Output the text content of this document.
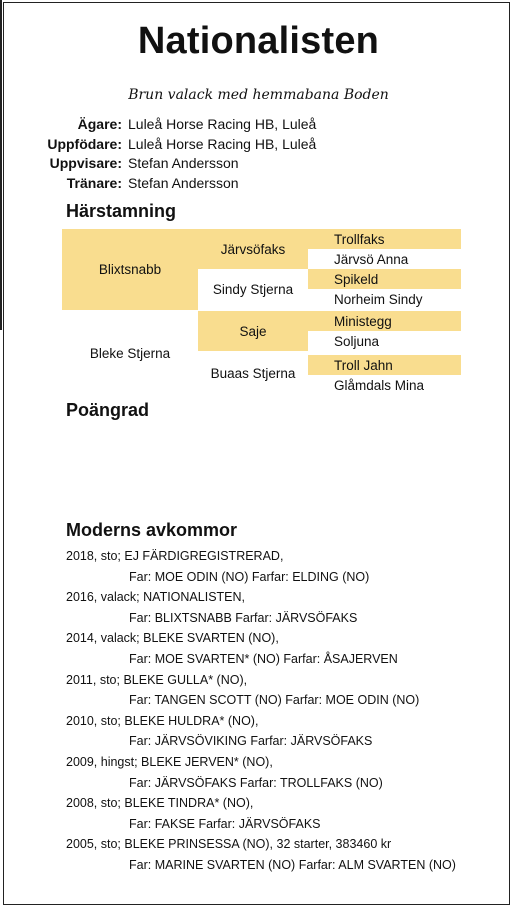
Nationalisten
Brun valack med hemmabana Boden
Ägare: Luleå Horse Racing HB, Luleå
Uppfödare: Luleå Horse Racing HB, Luleå
Uppvisare: Stefan Andersson
Tränare: Stefan Andersson
Härstamning
Blixtsnabb
Bleke Stjerna
Järvsöfaks
Sindy Stjerna
Saje
Buaas Stjerna
Trollfaks
Järvsö Anna
Spikeld
Norheim Sindy
Ministegg
Soljuna
Troll Jahn
Glåmdals Mina
Poängrad
Moderns avkommor
2018, sto; EJ FÄRDIGREGISTRERAD,
Far: MOE ODIN (NO) Farfar: ELDING (NO)
2016, valack; NATIONALISTEN,
Far: BLIXTSNABB Farfar: JÄRVSÖFAKS
2014, valack; BLEKE SVARTEN (NO),
Far: MOE SVARTEN* (NO) Farfar: ÅSAJERVEN
2011, sto; BLEKE GULLA* (NO),
Far: TANGEN SCOTT (NO) Farfar: MOE ODIN (NO)
2010, sto; BLEKE HULDRA* (NO),
Far: JÄRVSÖVIKING Farfar: JÄRVSÖFAKS
2009, hingst; BLEKE JERVEN* (NO),
Far: JÄRVSÖFAKS Farfar: TROLLFAKS (NO)
2008, sto; BLEKE TINDRA* (NO),
Far: FAKSE Farfar: JÄRVSÖFAKS
2005, sto; BLEKE PRINSESSA (NO), 32 starter, 383460 kr
Far: MARINE SVARTEN (NO) Farfar: ALM SVARTEN (NO)
